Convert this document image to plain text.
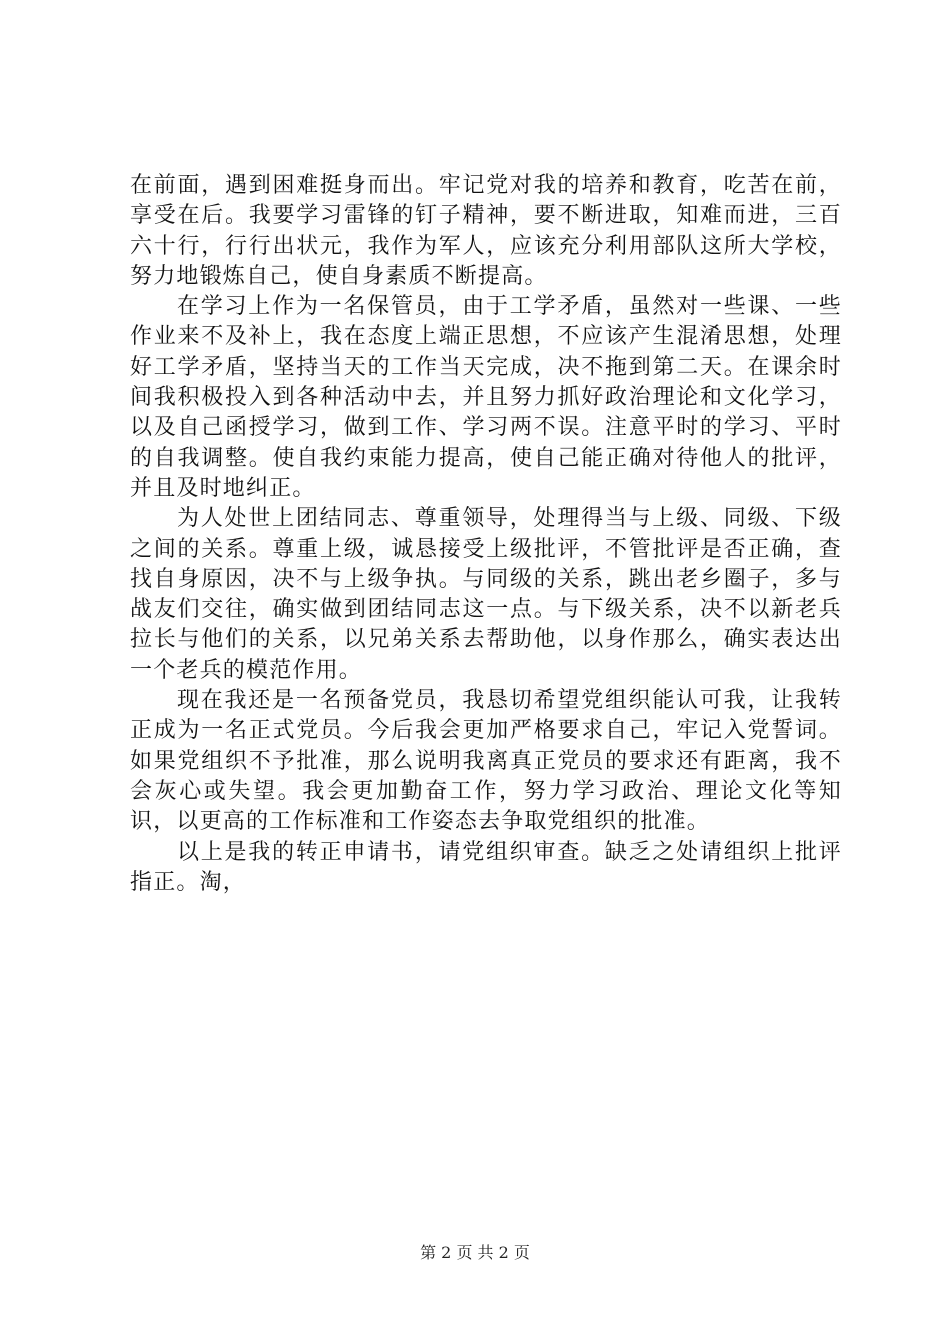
在前面，遇到困难挺身而出。牢记党对我的培养和教育，吃苦在前，享受在后。我要学习雷锋的钉子精神，要不断进取，知难而进，三百六十行，行行出状元，我作为军人，应该充分利用部队这所大学校，努力地锻炼自己，使自身素质不断提高。

在学习上作为一名保管员，由于工学矛盾，虽然对一些课、一些作业来不及补上，我在态度上端正思想，不应该产生混淆思想，处理好工学矛盾，坚持当天的工作当天完成，决不拖到第二天。在课余时间我积极投入到各种活动中去，并且努力抓好政治理论和文化学习，以及自己函授学习，做到工作、学习两不误。注意平时的学习、平时的自我调整。使自我约束能力提高，使自己能正确对待他人的批评，并且及时地纠正。

为人处世上团结同志、尊重领导，处理得当与上级、同级、下级之间的关系。尊重上级，诚恳接受上级批评，不管批评是否正确，查找自身原因，决不与上级争执。与同级的关系，跳出老乡圈子，多与战友们交往，确实做到团结同志这一点。与下级关系，决不以新老兵拉长与他们的关系，以兄弟关系去帮助他，以身作那么，确实表达出一个老兵的模范作用。

现在我还是一名预备党员，我恳切希望党组织能认可我，让我转正成为一名正式党员。今后我会更加严格要求自己，牢记入党誓词。如果党组织不予批准，那么说明我离真正党员的要求还有距离，我不会灰心或失望。我会更加勤奋工作，努力学习政治、理论文化等知识，以更高的工作标准和工作姿态去争取党组织的批准。

以上是我的转正申请书，请党组织审查。缺乏之处请组织上批评指正。淘，

第 2 页 共 2 页
